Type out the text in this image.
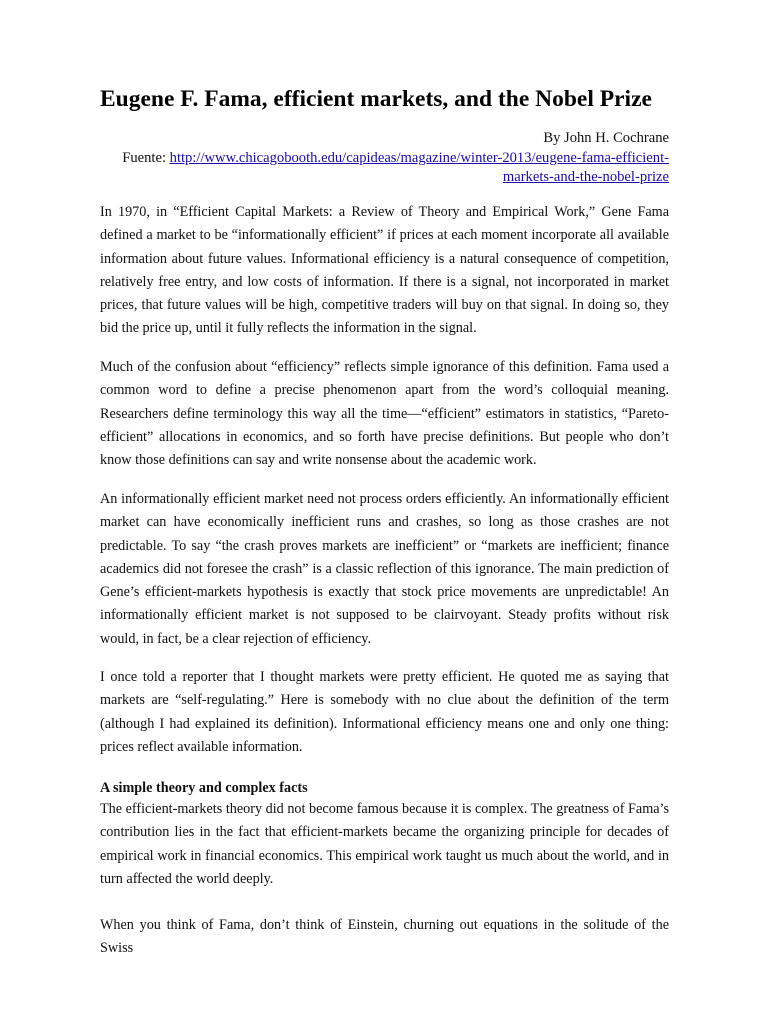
Eugene F. Fama, efficient markets, and the Nobel Prize
By John H. Cochrane
Fuente: http://www.chicagobooth.edu/capideas/magazine/winter-2013/eugene-fama-efficient-
markets-and-the-nobel-prize

In 1970, in “Efficient Capital Markets: a Review of Theory and Empirical Work,” Gene Fama defined a market to be “informationally efficient” if prices at each moment incorporate all available information about future values. Informational efficiency is a natural consequence of competition, relatively free entry, and low costs of information. If there is a signal, not incorporated in market prices, that future values will be high, competitive traders will buy on that signal. In doing so, they bid the price up, until it fully reflects the information in the signal.

Much of the confusion about “efficiency” reflects simple ignorance of this definition. Fama used a common word to define a precise phenomenon apart from the word’s colloquial meaning. Researchers define terminology this way all the time—“efficient” estimators in statistics, “Pareto-efficient” allocations in economics, and so forth have precise definitions. But people who don’t know those definitions can say and write nonsense about the academic work.

An informationally efficient market need not process orders efficiently. An informationally efficient market can have economically inefficient runs and crashes, so long as those crashes are not predictable. To say “the crash proves markets are inefficient” or “markets are inefficient; finance academics did not foresee the crash” is a classic reflection of this ignorance. The main prediction of Gene’s efficient-markets hypothesis is exactly that stock price movements are unpredictable! An informationally efficient market is not supposed to be clairvoyant. Steady profits without risk would, in fact, be a clear rejection of efficiency.

I once told a reporter that I thought markets were pretty efficient. He quoted me as saying that markets are “self-regulating.” Here is somebody with no clue about the definition of the term (although I had explained its definition). Informational efficiency means one and only one thing: prices reflect available information.

A simple theory and complex facts

The efficient-markets theory did not become famous because it is complex. The greatness of Fama’s contribution lies in the fact that efficient-markets became the organizing principle for decades of empirical work in financial economics. This empirical work taught us much about the world, and in turn affected the world deeply.

When you think of Fama, don’t think of Einstein, churning out equations in the solitude of the Swiss
